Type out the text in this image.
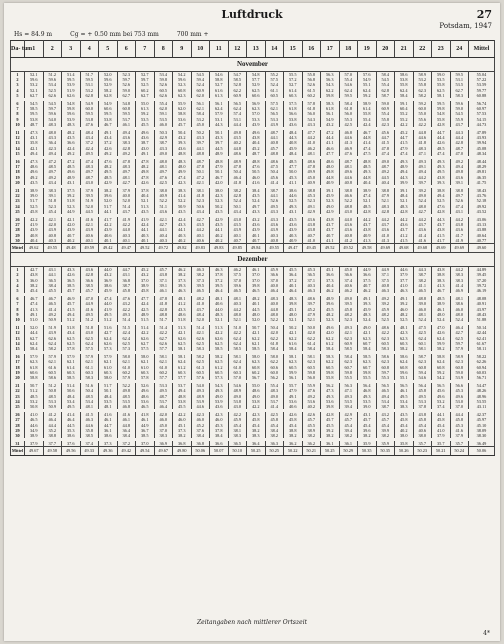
Luftdruck	27
Potsdam, 1947
Hs = 84.9 m	Cg = + 0.50 mm bei 753 mm	700 mm +
Da- tum	1	2	3	4	5	6	7	8	9	10	11	12	13	14	15	16	17	18	19	20	21	22	23	24	Mittel
November																									
1	52.1	51.2	51.4	51.7	52.0	52.3	52.7	53.4	54.2	54.5	54.6	54.7	54.8	55.2	55.5	55.8	56.3	57.0	57.6	58.4	58.6	58.9	59.0	59.5	55.04
2	59.6	59.6	59.5	59.5	59.6	59.7	59.7	59.8	59.6	59.4	58.8	58.5	57.7	57.5	57.2	56.8	56.3	55.4	54.9	54.5	53.8	53.2	53.5	53.1	57.22
3	53.2	53.4	53.9	53.1	52.9	52.6	52.5	52.6	52.3	52.4	52.7	52.8	52.9	52.4	52.7	52.6	54.3	54.6	55.1	55.4	55.8	55.8	55.8	53.5	53.59
4	52.1	52.5	51.9	53.2	58.2	59.0	60.2	60.5	60.8	60.9	61.6	62.2	62.5	61.1	61.4	61.5	62.2	62.4	62.4	62.8	62.4	62.3	62.5	62.7	59.77
5	62.7	62.6	62.6	62.8	62.8	62.7	62.7	62.6	62.3	62.0	61.3	60.9	60.6	60.5	60.3	60.2	59.8	59.5	59.2	58.7	58.4	58.2	58.1	58.3	60.88

6	54.5	54.5	54.8	54.9	54.9	54.8	55.0	55.4	55.9	56.1	56.1	56.5	56.9	57.5	57.5	57.8	58.3	58.4	58.9	59.0	59.1	59.2	59.5	59.6	56.74
7	58.5	59.7	59.8	60.0	60.6	60.8	61.3	62.0	62.0	62.1	62.4	62.4	62.3	62.1	61.8	61.8	61.8	61.8	61.4	60.9	60.4	60.0	59.8	59.0	60.97
8	59.5	59.6	59.6	59.5	59.5	59.5	59.2	59.1	58.8	58.4	57.9	57.4	57.0	56.5	56.6	56.0	56.1	56.0	55.8	55.4	55.2	55.0	54.8	54.5	57.53
9	53.8	54.0	53.9	53.8	53.8	53.7	53.5	53.5	53.6	53.2	53.1	53.1	53.3	53.3	53.8	54.3	54.9	55.3	55.4	55.8	55.2	55.6	55.8	55.9	54.15
10	48.7	48.3	48.3	47.6	46.7	46.1	45.5	46.0	45.7	45.0	44.3	44.4	43.9	43.9	43.6	43.3	43.2	42.5	42.4	42.3	42.2	42.2	42.8	43.7	44.73

11	47.3	48.0	48.2	48.4	49.1	49.4	49.6	50.3	50.4	50.2	50.1	49.8	49.6	48.7	48.4	47.7	47.2	46.8	46.7	45.6	45.2	44.8	44.7	44.3	47.89
12	43.1	43.3	43.5	43.4	43.4	43.6	43.6	42.9	43.2	43.3	43.3	43.5	43.8	44.1	44.3	44.2	44.4	44.6	44.8	44.7	44.7	44.6	44.4	44.4	43.93
13	35.8	36.4	36.6	37.2	37.2	38.3	38.7	38.7	39.3	39.7	39.7	40.2	40.4	40.8	40.8	41.0	41.1	41.3	41.4	41.5	41.5	41.8	42.6	42.8	39.94
14	42.1	42.3	42.4	42.4	42.6	42.8	43.0	43.3	43.6	44.1	44.5	44.8	45.2	45.7	45.9	46.2	46.6	46.9	47.4	47.8	47.9	48.3	48.5	48.7	45.08
15	49.4	49.4	49.2	49.5	49.2	49.2	49.1	49.0	48.8	48.8	48.9	48.6	48.7	48.8	48.4	48.1	47.7	47.6	47.5	47.4	47.4	47.1	47.4	47.0	48.34

16	47.3	47.2	47.2	47.4	47.6	47.8	47.8	48.0	48.3	48.7	48.8	48.9	48.8	48.6	48.5	48.6	48.6	48.7	48.8	49.0	49.3	49.3	49.3	49.2	48.44
17	48.6	48.5	48.5	48.3	48.2	48.3	48.2	48.1	48.0	47.8	47.9	47.8	47.6	47.5	47.7	47.8	48.0	48.1	48.5	48.7	48.9	49.1	49.3	49.4	48.29
18	49.6	49.7	49.6	49.7	49.5	49.7	49.8	49.7	49.9	50.1	50.1	50.4	50.5	50.4	50.0	49.9	49.8	49.6	49.3	49.2	49.4	49.4	49.5	49.8	49.81
19	49.2	49.2	48.9	48.7	48.5	48.1	47.8	47.6	47.4	47.2	46.7	46.4	46.0	45.6	45.3	45.0	44.8	44.6	44.8	44.5	44.3	44.2	43.8	43.6	46.35
20	43.5	43.4	43.1	43.0	42.9	42.7	42.6	42.5	42.3	42.1	42.0	41.8	41.6	41.4	41.1	40.9	40.9	40.8	40.4	40.4	39.9	39.7	39.3	39.1	41.75

21	38.9	38.3	37.5	37.9	38.2	37.9	37.8	38.0	38.3	38.1	38.0	38.2	38.4	38.7	38.6	38.8	39.1	38.8	38.9	38.8	39.1	39.2	38.8	38.8	38.43
22	39.0	39.1	39.2	39.5	39.6	40.0	40.4	40.9	41.4	41.8	42.3	42.8	43.5	44.1	44.6	45.3	45.9	46.6	47.4	47.9	48.4	49.0	49.4	49.7	43.76
23	51.7	51.8	51.8	51.9	52.0	52.0	52.1	52.2	52.2	52.3	52.3	52.4	52.4	52.6	52.5	52.3	52.3	52.2	52.1	52.1	52.1	52.4	52.5	52.6	52.18
24	52.5	52.3	52.3	52.0	51.7	51.4	51.3	51.1	50.9	50.6	50.2	50.1	49.7	49.5	49.3	49.1	49.0	48.8	48.5	48.3	48.3	48.0	47.6	47.4	49.92
25	45.8	45.4	44.9	44.5	44.1	43.7	43.5	43.6	43.5	43.4	43.5	43.4	43.3	43.3	43.1	42.9	42.9	43.0	42.8	42.8	42.8	42.7	42.8	43.1	43.52

26	42.2	42.1	42.1	41.6	41.7	41.9	41.9	42.1	42.4	42.7	42.9	43.0	43.2	43.3	43.5	43.6	43.8	44.0	44.2	44.2	44.2	44.2	44.3	44.2	43.06
27	41.9	42.0	42.0	42.1	42.2	42.2	42.4	42.7	43.3	43.5	43.5	43.5	43.6	43.6	43.6	43.8	43.7	43.6	43.7	43.7	43.6	43.7	43.7	43.8	43.13
28	43.9	43.9	43.9	43.9	43.9	44.0	44.1	44.1	44.1	44.2	44.1	43.9	43.9	43.9	43.9	43.8	43.7	43.6	43.8	43.6	43.7	43.6	43.8	43.6	43.88
29	40.8	40.8	40.7	40.6	40.6	40.3	40.3	40.4	40.3	40.1	40.2	40.1	40.1	40.3	40.3	40.7	40.7	40.8	40.9	41.0	41.2	41.4	41.5	41.7	40.64
30	40.4	40.3	40.2	40.1	40.1	40.1	40.1	40.3	40.2	40.6	40.2	40.7	40.7	40.8	40.9	41.0	41.1	41.2	41.3	41.3	41.5	41.6	41.7	41.9	40.77
Mittel	49.62	49.55	49.48	49.59	49.42	49.47	49.52	49.72	49.82	49.83	49.83	49.85	49.84	49.55	49.47	49.45	49.52	49.52	49.58	49.69	49.68	49.68	49.69	49.69	49.60
Dezember																									
1	42.7	43.1	43.3	43.6	44.0	44.7	45.2	45.7	46.2	46.3	46.3	46.2	46.1	45.9	45.5	45.3	45.1	45.0	44.9	44.9	44.6	44.3	43.8	44.2	44.89
2	43.8	44.1	42.6	42.8	43.2	43.1	43.2	43.8	38.2	38.2	37.8	37.5	37.0	36.6	36.4	36.5	36.6	36.6	36.6	37.1	37.9	38.7	38.8	38.3	39.45
3	36.0	36.5	36.5	36.6	36.9	36.8	37.0	37.1	37.3	37.3	37.2	37.0	37.0	37.0	37.2	37.1	37.3	37.4	37.5	37.5	37.7	38.2	38.3	38.3	37.20
4	38.2	38.4	38.5	38.5	38.6	38.7	38.9	39.1	39.3	39.5	39.5	39.6	39.8	40.0	40.1	40.3	40.4	40.6	40.7	40.8	41.0	41.1	41.3	41.4	39.72
5	45.4	45.5	45.7	45.7	45.9	45.8	45.8	46.1	46.3	46.5	46.4	46.5	46.5	46.4	46.4	46.3	46.2	46.2	46.2	46.3	46.3	46.5	46.7	46.9	46.19

6	46.7	46.7	46.9	47.0	47.4	47.6	47.7	47.8	48.1	48.2	48.1	48.1	48.2	48.3	48.3	48.6	48.9	49.0	49.1	49.2	49.1	48.8	48.5	48.1	48.08
7	47.4	46.5	45.7	44.9	44.0	43.2	42.4	41.8	41.2	41.0	40.6	40.3	40.1	40.0	39.8	39.7	39.6	39.5	39.3	39.2	39.2	39.0	38.9	38.6	40.91
8	41.3	41.4	41.5	41.6	41.9	42.2	42.5	42.8	43.3	43.7	44.0	44.2	44.5	44.8	45.1	45.2	45.5	45.8	45.9	45.9	46.0	46.0	46.1	46.0	43.97
9	49.1	49.2	49.4	49.5	49.5	49.3	48.9	48.8	48.6	48.4	48.3	48.0	48.0	48.0	48.0	47.9	48.2	48.2	48.3	48.2	48.2	48.1	48.0	48.0	48.43
10	51.0	50.9	51.2	51.2	51.2	51.4	51.5	51.7	51.8	52.0	52.1	52.1	52.0	52.2	52.1	52.1	52.3	52.3	52.4	52.5	52.5	52.4	52.4	52.4	51.88

11	52.0	51.9	51.8	51.8	51.6	51.5	51.4	51.4	51.3	51.4	51.3	51.0	50.7	50.4	50.2	50.0	49.6	49.3	49.0	48.6	48.1	47.5	47.0	46.4	50.14
12	44.4	43.9	43.4	43.0	42.7	42.4	42.2	42.2	42.1	42.1	42.2	42.2	42.1	42.0	42.1	42.0	42.0	42.1	42.1	42.2	42.3	42.5	42.6	42.7	42.44
13	62.7	62.6	62.5	62.5	62.4	62.4	62.6	62.7	62.6	62.6	62.6	62.4	62.2	62.2	62.2	62.2	62.2	62.3	62.3	62.3	62.3	62.4	62.4	62.5	62.41
14	62.4	62.4	62.5	62.4	62.6	62.5	62.7	62.6	62.5	62.5	62.5	62.4	62.1	61.8	61.6	61.4	61.2	60.9	60.7	60.5	60.3	60.1	59.9	59.7	61.67
15	58.4	58.2	57.8	57.5	57.3	57.3	57.5	57.7	58.1	58.3	58.5	58.5	58.5	58.4	58.4	58.4	58.4	58.5	58.4	58.3	58.2	58.1	58.2	57.9	58.11

16	57.9	57.9	57.9	57.9	57.9	58.0	58.0	58.1	58.1	58.2	58.2	58.1	58.0	58.0	58.1	58.1	58.3	58.4	58.5	58.6	58.6	58.7	58.8	58.9	58.22
17	62.3	62.1	62.1	62.1	62.1	62.1	62.1	62.1	62.4	62.5	62.5	62.4	62.3	62.2	62.3	62.3	62.2	62.3	62.3	62.3	62.4	62.3	62.4	62.3	62.26
18	61.8	61.6	61.4	61.1	61.0	61.0	61.0	61.0	61.2	61.3	61.2	61.0	60.8	60.6	60.5	60.5	60.5	60.7	60.7	60.8	60.8	60.8	60.8	60.8	60.94
19	60.6	60.5	60.3	60.3	60.3	60.2	60.3	60.2	60.3	60.5	60.5	60.3	60.2	60.0	59.9	59.8	59.8	59.8	59.8	59.7	59.6	59.4	59.2	59.0	60.03
20	58.8	58.6	58.5	58.3	58.0	57.9	57.8	57.7	57.7	57.6	57.3	57.0	56.7	56.2	56.1	56.0	55.8	55.5	55.5	55.3	55.1	54.6	54.2	53.9	56.71

21	50.7	51.2	51.4	51.6	51.7	52.2	52.6	53.3	53.7	54.0	54.3	54.6	55.0	55.4	55.7	55.9	56.2	56.3	56.4	56.5	56.5	56.4	56.5	56.6	54.47
22	51.2	50.8	50.6	50.4	50.1	49.8	49.6	49.5	49.4	49.3	49.3	48.9	48.6	48.3	47.9	47.6	47.3	47.1	46.8	46.5	46.1	45.8	45.6	45.3	48.26
23	48.5	48.5	48.4	48.5	48.4	48.5	48.6	48.7	48.8	48.9	49.0	49.0	49.0	49.0	49.1	49.2	49.3	49.3	49.3	49.4	49.5	49.5	49.6	49.6	48.96
24	53.2	53.3	53.4	53.4	53.5	53.5	53.6	53.7	53.8	53.9	53.9	53.8	53.8	53.7	53.6	53.6	53.6	53.5	53.5	53.4	53.4	53.3	53.2	53.0	53.55
25	50.8	50.9	49.5	48.1	48.1	46.8	46.5	46.4	45.5	44.6	43.6	43.0	42.2	41.4	40.6	40.2	39.8	39.4	39.0	38.7	38.3	37.8	37.4	37.0	43.11

26	41.0	41.2	41.4	41.5	41.6	41.6	41.8	42.0	42.2	42.3	42.3	42.2	42.3	42.5	42.6	42.6	42.8	42.9	43.1	43.2	43.5	43.8	44.1	44.4	42.37
27	46.5	46.4	46.4	46.3	46.1	46.1	46.1	46.0	46.0	46.0	46.0	45.9	45.8	45.8	45.8	45.7	45.7	45.7	45.7	45.7	45.8	45.8	45.8	45.8	45.97
28	44.6	44.4	44.5	44.6	44.7	44.8	44.9	45.0	45.1	45.2	45.3	45.4	45.4	45.4	45.4	45.5	45.5	45.4	45.4	45.4	45.4	45.4	45.4	45.3	45.10
29	34.9	35.2	35.3	35.8	36.1	36.4	36.7	37.0	37.3	37.6	37.8	38.1	38.2	38.4	38.8	38.9	39.2	39.4	39.6	39.9	40.2	40.6	41.0	41.6	38.09
30	38.9	38.8	38.6	38.5	38.6	38.4	38.5	38.3	38.2	38.4	38.4	38.3	38.3	38.2	38.2	38.2	38.2	38.2	38.2	38.2	38.0	38.0	37.9	37.9	38.30

31	37.9	37.7	37.6	37.4	37.3	37.2	37.0	36.9	36.8	36.8	36.6	36.5	36.4	36.3	36.2	36.2	36.1	36.1	35.9	35.9	35.8	35.7	35.7	35.7	36.49
Mittel	49.67	49.58	49.56	49.33	49.36	49.42	49.54	49.67	49.80	50.06	50.07	50.10	50.25	50.25	50.22	50.21	50.25	50.29	50.35	50.35	50.26	50.23	50.21	50.24	50.06
Zeitangaben nach mittlerer Ortszeit
4*
